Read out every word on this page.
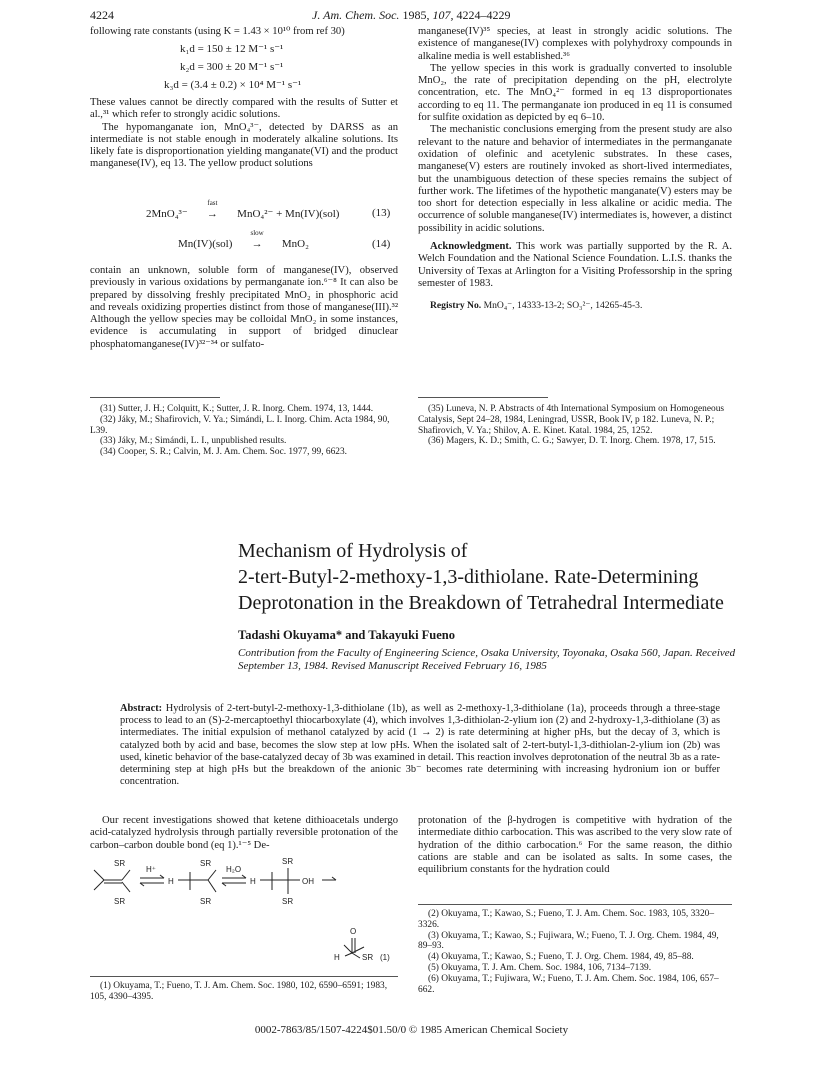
4224	J. Am. Chem. Soc. 1985, 107, 4224–4229

following rate constants (using K = 1.43 × 10¹⁰ from ref 30)

k₁d = 150 ± 12 M⁻¹ s⁻¹
k₂d = 300 ± 20 M⁻¹ s⁻¹
k₃d = (3.4 ± 0.2) × 10⁴ M⁻¹ s⁻¹

These values cannot be directly compared with the results of Sutter et al.,³¹ which refer to strongly acidic solutions.

The hypomanganate ion, MnO₄³⁻, detected by DARSS as an intermediate is not stable enough in moderately alkaline solutions. Its likely fate is disproportionation yielding manganate(VI) and the product manganese(IV), eq 13. The yellow product solutions

2MnO₄³⁻
fast
→ MnO₄²⁻ + Mn(IV)(sol)	(13)
Mn(IV)(sol)
slow
→ MnO₂	(14)

contain an unknown, soluble form of manganese(IV), observed previously in various oxidations by permanganate ion.⁶⁻⁸ It can also be prepared by dissolving freshly precipitated MnO₂ in phosphoric acid and reveals oxidizing properties distinct from those of manganese(III).³² Although the yellow species may be colloidal MnO₂ in some instances, evidence is accumulating in support of bridged dinuclear phosphatomanganese(IV)³²⁻³⁴ or sulfato-

manganese(IV)³⁵ species, at least in strongly acidic solutions. The existence of manganese(IV) complexes with polyhydroxy compounds in alkaline media is well established.³⁶

The yellow species in this work is gradually converted to insoluble MnO₂, the rate of precipitation depending on the pH, electrolyte concentration, etc. The MnO₄²⁻ formed in eq 13 disproportionates according to eq 11. The permanganate ion produced in eq 11 is consumed for sulfite oxidation as depicted by eq 6–10.

The mechanistic conclusions emerging from the present study are also relevant to the nature and behavior of intermediates in the permanganate oxidation of olefinic and acetylenic substrates. In these cases, manganese(V) esters are routinely invoked as short-lived intermediates, but the unambiguous detection of these species remains the subject of further work. The lifetimes of the hypothetic manganate(V) esters may be too short for detection especially in less alkaline or acidic media. The occurrence of soluble manganese(IV) intermediates is, however, a distinct possibility in acidic solutions.

Acknowledgment. This work was partially supported by the R. A. Welch Foundation and the National Science Foundation. L.I.S. thanks the University of Texas at Arlington for a Visiting Professorship in the spring semester of 1983.

Registry No. MnO₄⁻, 14333-13-2; SO₃²⁻, 14265-45-3.

(31) Sutter, J. H.; Colquitt, K.; Sutter, J. R. Inorg. Chem. 1974, 13, 1444.

(32) Jáky, M.; Shafirovich, V. Ya.; Simándi, L. I. Inorg. Chim. Acta 1984, 90, L39.

(33) Jáky, M.; Simándi, L. I., unpublished results.

(34) Cooper, S. R.; Calvin, M. J. Am. Chem. Soc. 1977, 99, 6623.

(35) Luneva, N. P. Abstracts of 4th International Symposium on Homogeneous Catalysis, Sept 24–28, 1984, Leningrad, USSR, Book IV, p 182. Luneva, N. P.; Shafirovich, V. Ya.; Shilov, A. E. Kinet. Katal. 1984, 25, 1252.

(36) Magers, K. D.; Smith, C. G.; Sawyer, D. T. Inorg. Chem. 1978, 17, 515.

Mechanism of Hydrolysis of
2-tert-Butyl-2-methoxy-1,3-dithiolane. Rate-Determining
Deprotonation in the Breakdown of Tetrahedral Intermediate
Tadashi Okuyama* and Takayuki Fueno
Contribution from the Faculty of Engineering Science, Osaka University, Toyonaka, Osaka 560, Japan. Received September 13, 1984. Revised Manuscript Received February 16, 1985

Abstract: Hydrolysis of 2-tert-butyl-2-methoxy-1,3-dithiolane (1b), as well as 2-methoxy-1,3-dithiolane (1a), proceeds through a three-stage process to lead to an (S)-2-mercaptoethyl thiocarboxylate (4), which involves 1,3-dithiolan-2-ylium ion (2) and 2-hydroxy-1,3-dithiolane (3) as intermediates. The initial expulsion of methanol catalyzed by acid (1 → 2) is rate determining at higher pHs, but the decay of 3, which is catalyzed both by acid and base, becomes the slow step at low pHs. When the isolated salt of 2-tert-butyl-1,3-dithiolan-2-ylium ion (2b) was used, kinetic behavior of the base-catalyzed decay of 3b was examined in detail. This reaction involves deprotonation of the neutral 3b as a rate-determining step at high pHs but the breakdown of the anionic 3b⁻ becomes rate determining with increasing hydronium ion or buffer concentration.

Our recent investigations showed that ketene dithioacetals undergo acid-catalyzed hydrolysis through partially reversible protonation of the carbon–carbon double bond (eq 1).¹⁻⁵ De-

SR
SR
H⁺
H
SR
SR
H₂O
H
SR
SR
OH
O
H	SR (1)

protonation of the β-hydrogen is competitive with hydration of the intermediate dithio carbocation. This was ascribed to the very slow rate of hydration of the dithio carbocation.⁶ For the same reason, the dithio cations are stable and can be isolated as salts. In some cases, the equilibrium constants for the hydration could

(1) Okuyama, T.; Fueno, T. J. Am. Chem. Soc. 1980, 102, 6590–6591; 1983, 105, 4390–4395.

(2) Okuyama, T.; Kawao, S.; Fueno, T. J. Am. Chem. Soc. 1983, 105, 3320–3326.

(3) Okuyama, T.; Kawao, S.; Fujiwara, W.; Fueno, T. J. Org. Chem. 1984, 49, 89–93.

(4) Okuyama, T.; Kawao, S.; Fueno, T. J. Org. Chem. 1984, 49, 85–88.

(5) Okuyama, T. J. Am. Chem. Soc. 1984, 106, 7134–7139.

(6) Okuyama, T.; Fujiwara, W.; Fueno, T. J. Am. Chem. Soc. 1984, 106, 657–662.

0002-7863/85/1507-4224$01.50/0 © 1985 American Chemical Society
